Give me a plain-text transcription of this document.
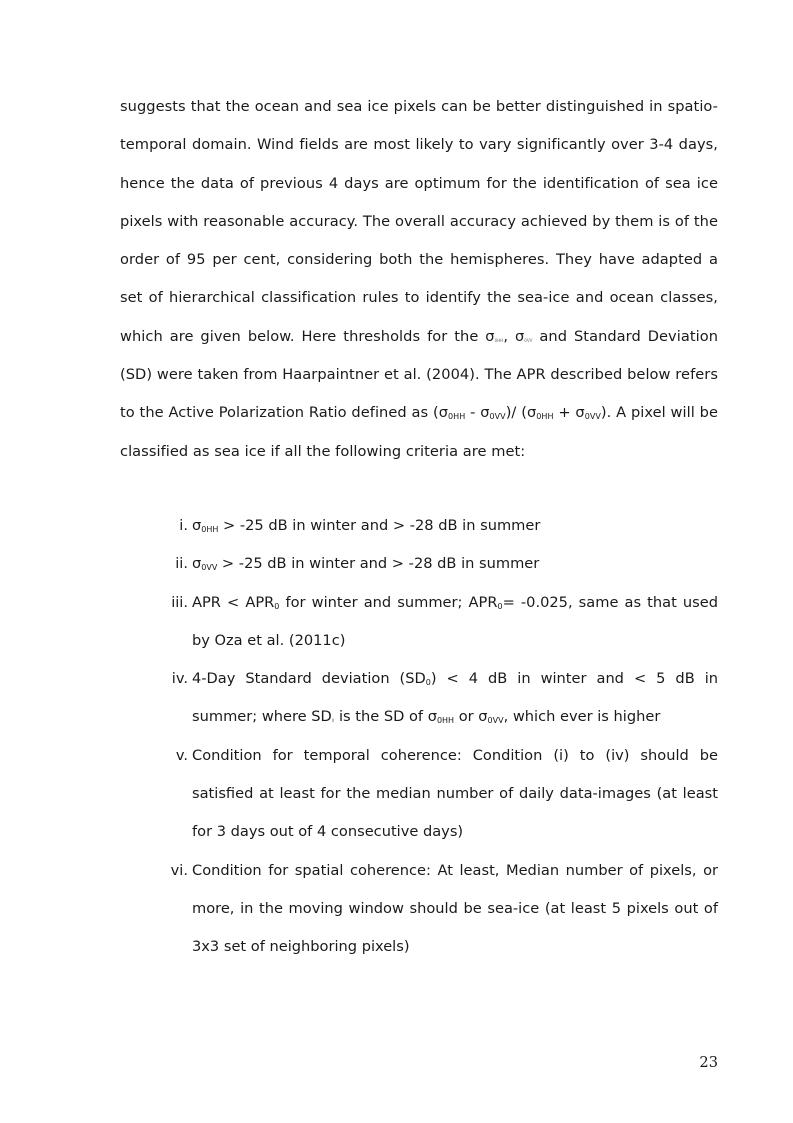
suggests that the ocean and sea ice pixels can be better distinguished in spatio-temporal domain. Wind fields are most likely to vary significantly over 3-4 days, hence the data of previous 4 days are optimum for the identification of sea ice pixels with reasonable accuracy. The overall accuracy achieved by them is of the order of 95 per cent, considering both the hemispheres. They have adapted a set of hierarchical classification rules to identify the sea-ice and ocean classes, which are given below. Here thresholds for the σ0HH, σ0VV and Standard Deviation (SD) were taken from Haarpaintner et al. (2004). The APR described below refers to the Active Polarization Ratio defined as $(\sigma_{0HH} - \sigma_{0VV})/$ $(\sigma_{0HH} + \sigma_{0VV})$. A pixel will be classified as sea ice if all the following criteria are met:
i. $\sigma_{0HH} > -25$ dB in winter and > -28 dB in summer
ii. $\sigma_{0VV} > -25$ dB in winter and > -28 dB in summer
iii. APR < $APR_0$ for winter and summer; $APR_0= -0.025$, same as that used by Oza et al. (2011c)
iv. 4-Day Standard deviation $(SD_0) < 4$ dB in winter and < 5 dB in summer; where SD0 is the SD of $\sigma_{0HH}$ or $\sigma_{0VV}$, which ever is higher
v. Condition for temporal coherence: Condition (i) to (iv) should be satisfied at least for the median number of daily data-images (at least for 3 days out of 4 consecutive days)
vi. Condition for spatial coherence: At least, Median number of pixels, or more, in the moving window should be sea-ice (at least 5 pixels out of 3x3 set of neighboring pixels)
23
